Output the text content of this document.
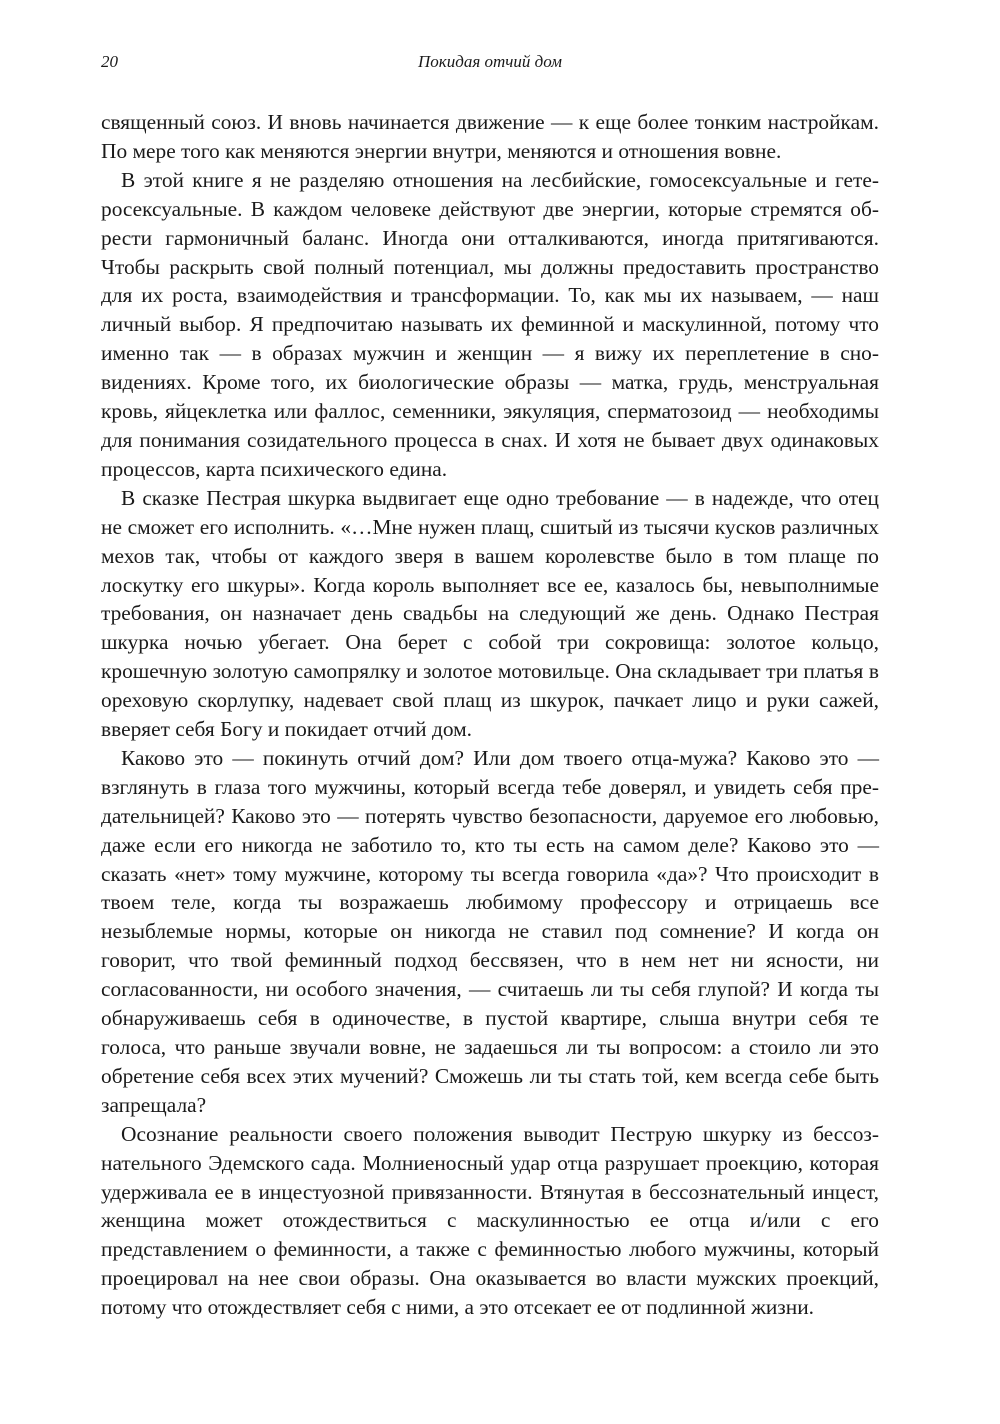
20	Покидая отчий дом

священный союз. И вновь начинается движение — к еще более тонким настройкам. По мере того как меняются энергии внутри, меняются и отношения вовне.

В этой книге я не разделяю отношения на лесбийские, гомосексуальные и гетеросексуальные. В каждом человеке действуют две энергии, которые стремятся обрести гармоничный баланс. Иногда они отталкиваются, иногда притягиваются. Чтобы раскрыть свой полный потенциал, мы должны предоставить пространство для их роста, взаимодействия и трансформации. То, как мы их называем, — наш личный выбор. Я предпочитаю называть их феминной и маскулинной, потому что именно так — в образах мужчин и женщин — я вижу их переплетение в сновидениях. Кроме того, их биологические образы — матка, грудь, менструальная кровь, яйцеклетка или фаллос, семенники, эякуляция, сперматозоид — необходимы для понимания созидательного процесса в снах. И хотя не бывает двух одинаковых процессов, карта психического едина.

В сказке Пестрая шкурка выдвигает еще одно требование — в надежде, что отец не сможет его исполнить. «…Мне нужен плащ, сшитый из тысячи кусков различных мехов так, чтобы от каждого зверя в вашем королевстве было в том плаще по лоскутку его шкуры». Когда король выполняет все ее, казалось бы, невыполнимые требования, он назначает день свадьбы на следующий же день. Однако Пестрая шкурка ночью убегает. Она берет с собой три сокровища: золотое кольцо, крошечную золотую самопрялку и золотое мотовильце. Она складывает три платья в ореховую скорлупку, надевает свой плащ из шкурок, пачкает лицо и руки сажей, вверяет себя Богу и покидает отчий дом.

Каково это — покинуть отчий дом? Или дом твоего отца-мужа? Каково это — взглянуть в глаза того мужчины, который всегда тебе доверял, и увидеть себя предательницей? Каково это — потерять чувство безопасности, даруемое его любовью, даже если его никогда не заботило то, кто ты есть на самом деле? Каково это — сказать «нет» тому мужчине, которому ты всегда говорила «да»? Что происходит в твоем теле, когда ты возражаешь любимому профессору и отрицаешь все незыблемые нормы, которые он никогда не ставил под сомнение? И когда он говорит, что твой феминный подход бессвязен, что в нем нет ни ясности, ни согласованности, ни особого значения, — считаешь ли ты себя глупой? И когда ты обнаруживаешь себя в одиночестве, в пустой квартире, слыша внутри себя те голоса, что раньше звучали вовне, не задаешься ли ты вопросом: а стоило ли это обретение себя всех этих мучений? Сможешь ли ты стать той, кем всегда себе быть запрещала?

Осознание реальности своего положения выводит Пеструю шкурку из бессознательного Эдемского сада. Молниеносный удар отца разрушает проекцию, которая удерживала ее в инцестуозной привязанности. Втянутая в бессознательный инцест, женщина может отождествиться с маскулинностью ее отца и/или с его представлением о феминности, а также с феминностью любого мужчины, который проецировал на нее свои образы. Она оказывается во власти мужских проекций, потому что отождествляет себя с ними, а это отсекает ее от подлинной жизни.
